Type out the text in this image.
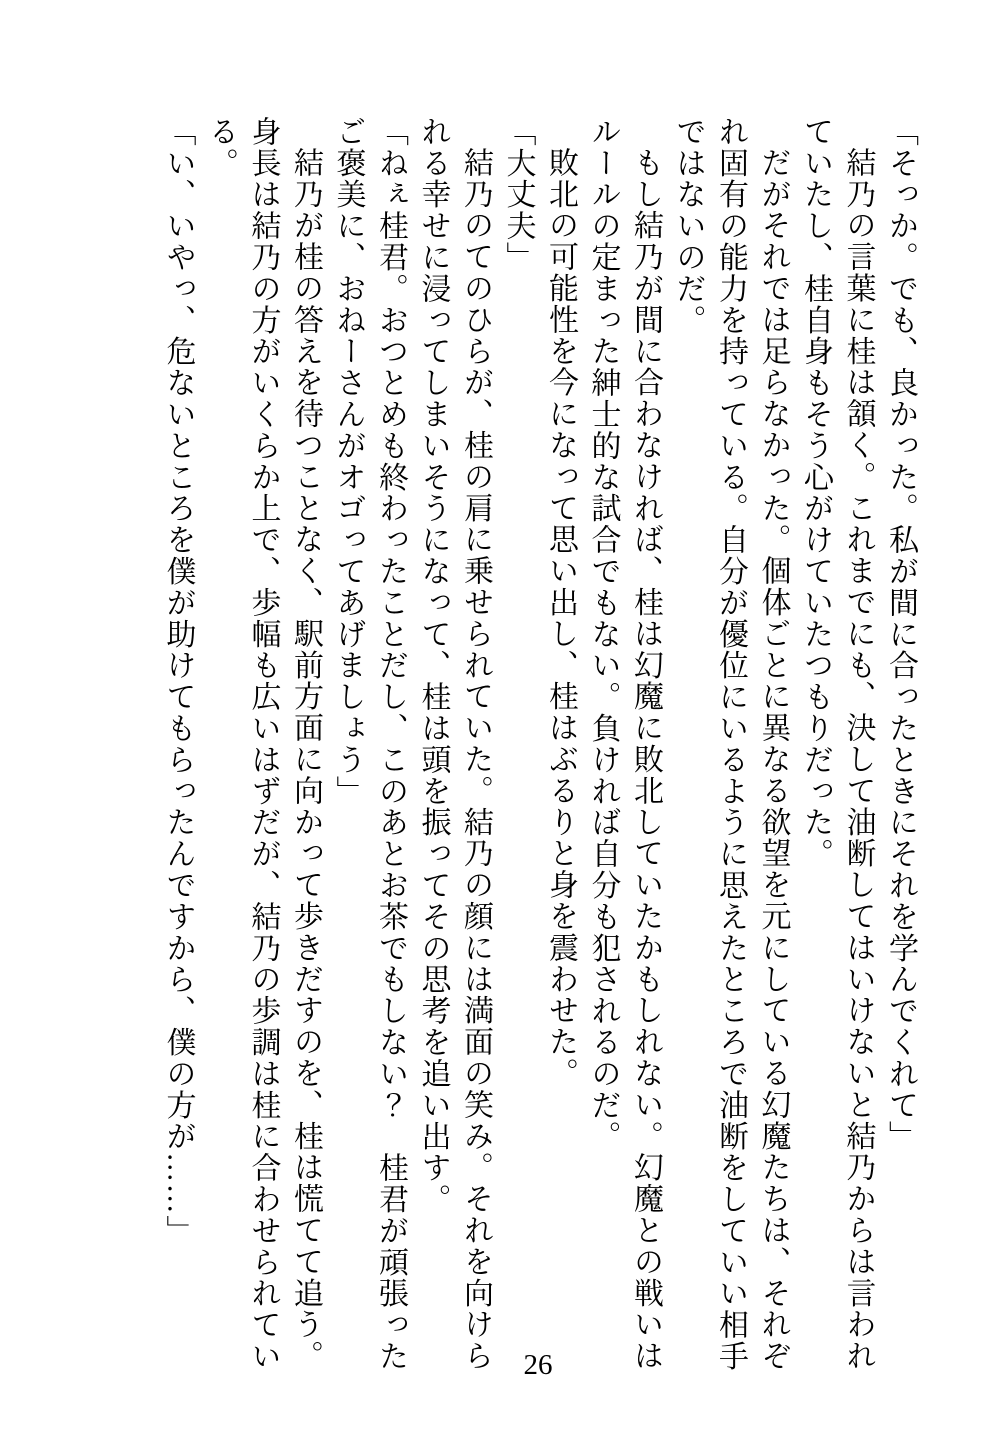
「そっか。でも、良かった。私が間に合ったときにそれを学んでくれて」

結乃の言葉に桂は頷く。これまでにも、決して油断してはいけないと結乃からは言われていたし、桂自身もそう心がけていたつもりだった。

だがそれでは足らなかった。個体ごとに異なる欲望を元にしている幻魔たちは、それぞれ固有の能力を持っている。自分が優位にいるように思えたところで油断をしていい相手ではないのだ。

もし結乃が間に合わなければ、桂は幻魔に敗北していたかもしれない。幻魔との戦いはルールの定まった紳士的な試合でもない。負ければ自分も犯されるのだ。

敗北の可能性を今になって思い出し、桂はぶるりと身を震わせた。

「大丈夫」

結乃のてのひらが、桂の肩に乗せられていた。結乃の顔には満面の笑み。それを向けられる幸せに浸ってしまいそうになって、桂は頭を振ってその思考を追い出す。

「ねぇ桂君。おつとめも終わったことだし、このあとお茶でもしない？　桂君が頑張ったご褒美に、おねーさんがオゴってあげましょう」

結乃が桂の答えを待つことなく、駅前方面に向かって歩きだすのを、桂は慌てて追う。身長は結乃の方がいくらか上で、歩幅も広いはずだが、結乃の歩調は桂に合わせられている。

「い、いやっ、危ないところを僕が助けてもらったんですから、僕の方が……」

26
